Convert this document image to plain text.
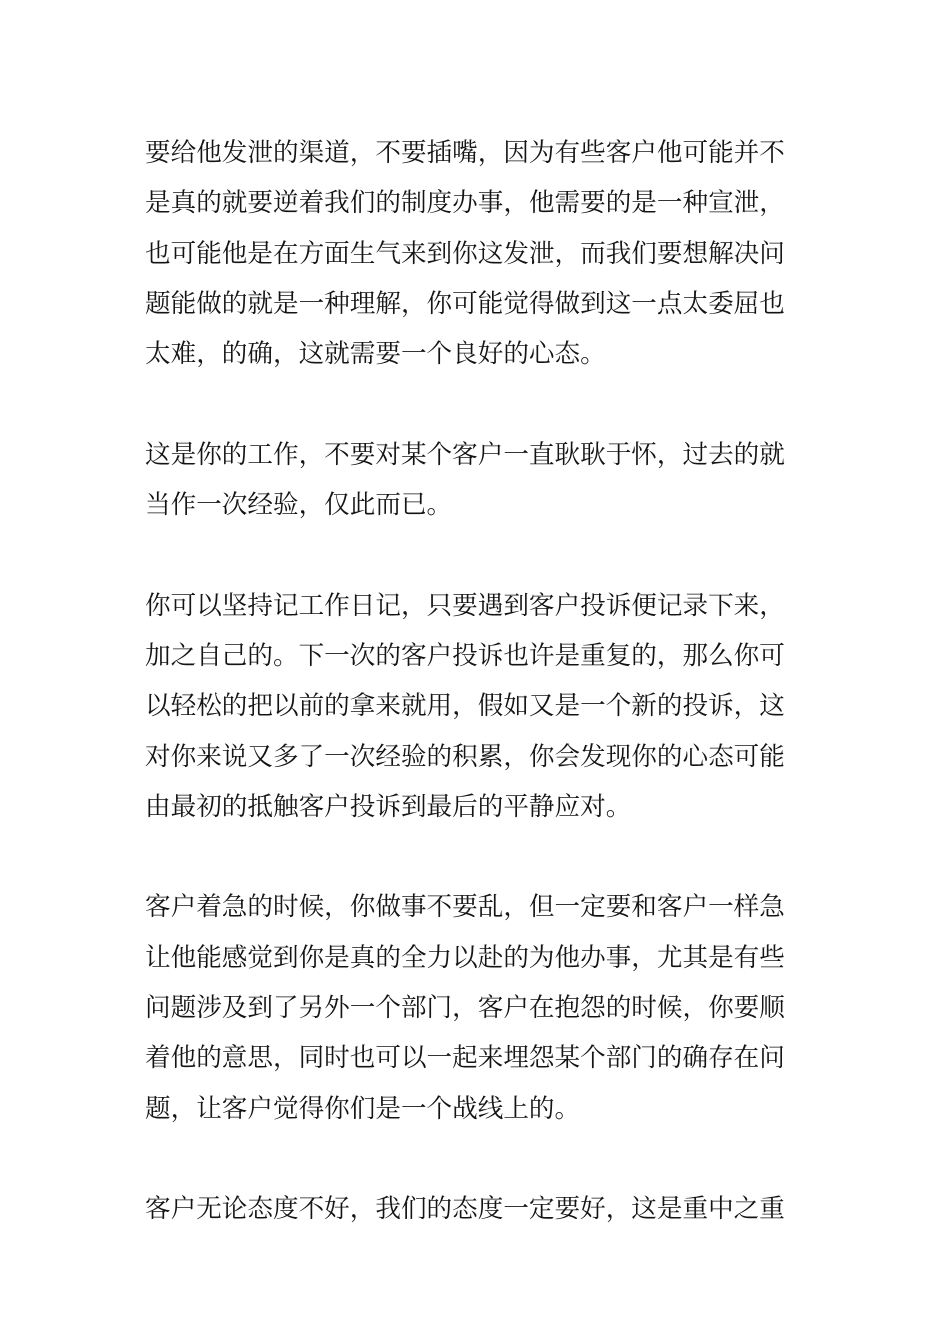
要给他发泄的渠道，不要插嘴，因为有些客户他可能并不
是真的就要逆着我们的制度办事，他需要的是一种宣泄，
也可能他是在方面生气来到你这发泄，而我们要想解决问
题能做的就是一种理解，你可能觉得做到这一点太委屈也
太难，的确，这就需要一个良好的心态。
这是你的工作，不要对某个客户一直耿耿于怀，过去的就
当作一次经验，仅此而已。
你可以坚持记工作日记，只要遇到客户投诉便记录下来，
加之自己的。下一次的客户投诉也许是重复的，那么你可
以轻松的把以前的拿来就用，假如又是一个新的投诉，这
对你来说又多了一次经验的积累，你会发现你的心态可能
由最初的抵触客户投诉到最后的平静应对。
客户着急的时候，你做事不要乱，但一定要和客户一样急
让他能感觉到你是真的全力以赴的为他办事，尤其是有些
问题涉及到了另外一个部门，客户在抱怨的时候，你要顺
着他的意思，同时也可以一起来埋怨某个部门的确存在问
题，让客户觉得你们是一个战线上的。
客户无论态度不好，我们的态度一定要好，这是重中之重
